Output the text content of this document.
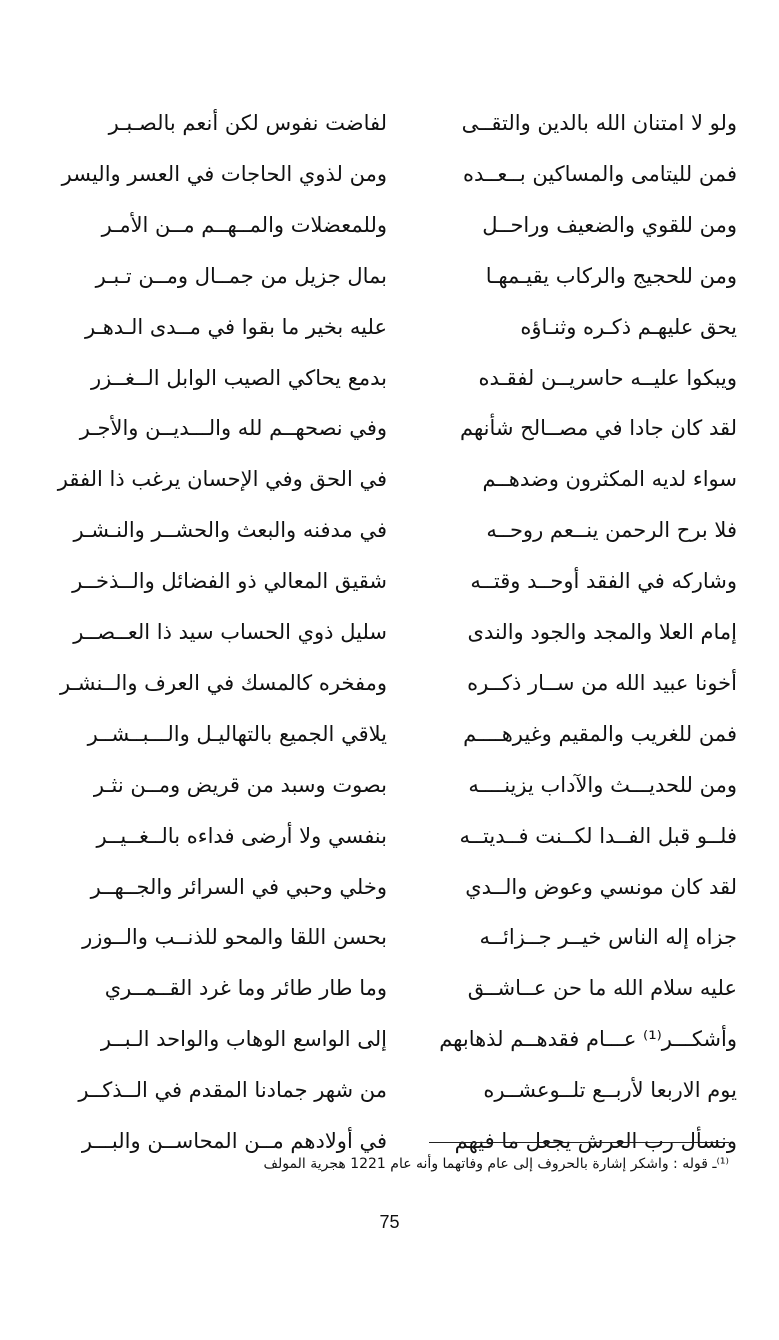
ولو لا امتنان الله بالدين والتقــى
لفاضت نفوس لكن أنعم بالصـبـر
فمن لليتامى والمساكين بــعــده
ومن لذوي الحاجات في العسر واليسر
ومن للقوي والضعيف وراحــل
وللمعضلات والمــهــم مــن الأمـر
ومن للحجيج والركاب يقيـمهـا
بمال جزيل من جمــال ومــن تـبـر
يحق عليهـم ذكـره وثنـاؤه
عليه بخير ما بقوا في مــدى الـدهـر
ويبكوا عليــه حاسريــن لفقـده
بدمع يحاكي الصيب الوابل الــغــزر
لقد كان جادا في مصــالح شأنهم
وفي نصحهــم لله والـــديــن والأجـر
سواء لديه المكثرون وضدهــم
في الحق وفي الإحسان يرغب ذا الفقر
فلا برح الرحمن ينــعم روحــه
في مدفنه والبعث والحشــر والنـشـر
وشاركه في الفقد أوحــد وقتــه
شقيق المعالي ذو الفضائل والــذخــر
إمام العلا والمجد والجود والندى
سليل ذوي الحساب سيد ذا العــصــر
أخونا عبيد الله من ســار ذكــره
ومفخره كالمسك في العرف والــنشـر
فمن للغريب والمقيم وغيرهــــم
يلاقي الجميع بالتهاليـل والـــبــشــر
ومن للحديـــث والآداب يزينــــه
بصوت وسبد من قريض ومــن نثـر
فلــو قبل الفــدا لكــنت فــديتــه
بنفسي ولا أرضى فداءه بالــغــيــر
لقد كان مونسي وعوض والــدي
وخلي وحبي في السرائر والجــهــر
جزاه إله الناس خيــر جــزائــه
بحسن اللقا والمحو للذنــب والــوزر
عليه سلام الله ما حن عــاشــق
وما طار طائر وما غرد القــمــري
وأشكـــر⁽¹⁾ عـــام فقدهــم لذهابهم
إلى الواسع الوهاب والواحد الـبــر
يوم الاربعا لأربــع تلــوعشــره
من شهر جمادنا المقدم في الــذكــر
ونسأل رب العرش يجعل ما فيهم
في أولادهم مــن المحاســن والبـــر
⁽¹⁾ـ قوله : واشكر إشارة بالحروف إلى عام وفاتهما وأنه عام 1221 هجرية المولف
75
